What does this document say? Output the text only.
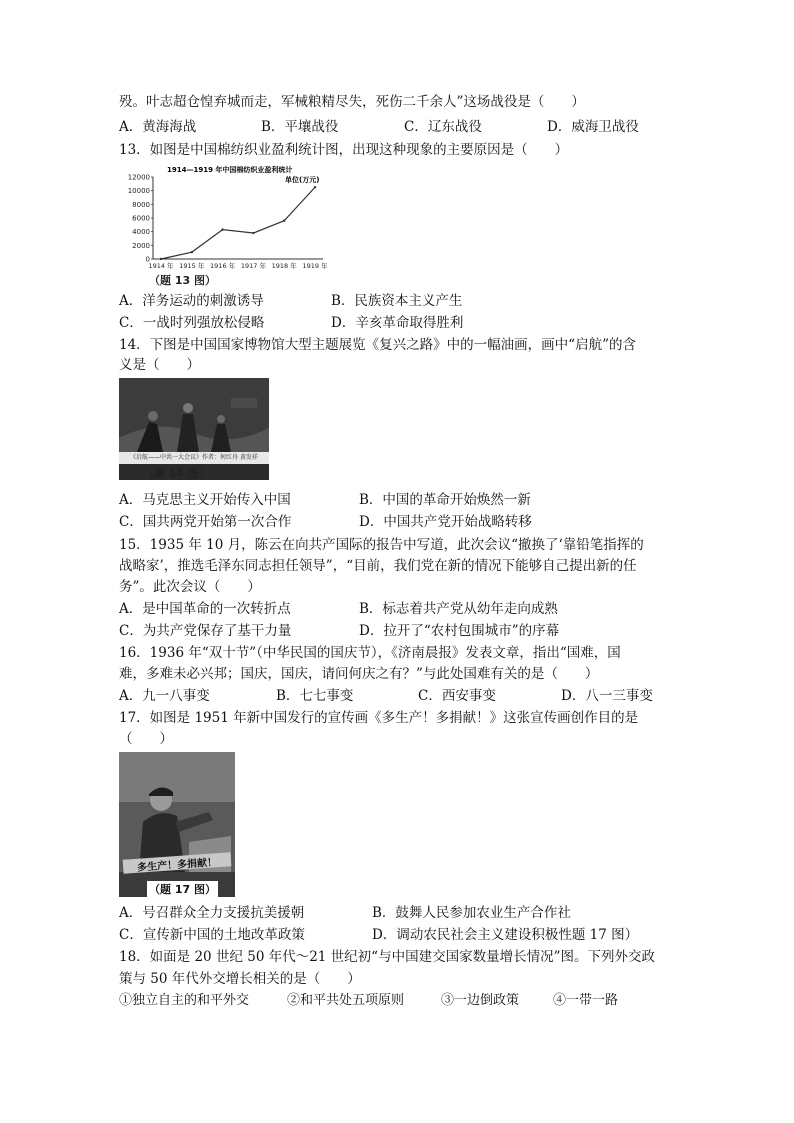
殁。叶志超仓惶弃城而走，军械粮精尽失，死伤二千余人”这场战役是（　　）
A．黄海海战	B．平壤战役	C．辽东战役	D．威海卫战役
13．如图是中国棉纺织业盈利统计图，出现这种现象的主要原因是（　　）
1914—1919 年中国棉纺织业盈利统计
单位(万元)
12000
10000
8000
6000
4000
2000
0
1914 年 1915 年 1916 年 1917 年 1918 年 1919 年
（题 13 图）
A．洋务运动的刺激诱导	B．民族资本主义产生
C．一战时列强放松侵略	D．辛亥革命取得胜利
14．下图是中国国家博物馆大型主题展览《复兴之路》中的一幅油画，画中“启航”的含
义是（　　）
《启航——中共一大会议》作者：何红舟 黄发祥
（题 14 图）
A．马克思主义开始传入中国	B．中国的革命开始焕然一新
C．国共两党开始第一次合作	D．中国共产党开始战略转移
15．1935 年 10 月，陈云在向共产国际的报告中写道，此次会议“撤换了‘靠铅笔指挥的
战略家’，推选毛泽东同志担任领导”，“目前，我们党在新的情况下能够自己提出新的任
务”。此次会议（　　）
A．是中国革命的一次转折点	B．标志着共产党从幼年走向成熟
C．为共产党保存了基干力量	D．拉开了“农村包围城市”的序幕
16．1936 年“双十节”（中华民国的国庆节），《济南晨报》发表文章，指出“国难，国
难，多难未必兴邦；国庆，国庆，请问何庆之有？”与此处国难有关的是（　　）
A．九一八事变	B．七七事变	C．西安事变	D．八一三事变
17．如图是 1951 年新中国发行的宣传画《多生产！多捐献！》这张宣传画创作目的是
（　　）
多生产！多捐献！
（题 17 图）
A．号召群众全力支援抗美援朝	B．鼓舞人民参加农业生产合作社
C．宣传新中国的土地改革政策	D．调动农民社会主义建设积极性题 17 图）
18．如面是 20 世纪 50 年代～21 世纪初“与中国建交国家数量增长情况”图。下列外交政
策与 50 年代外交增长相关的是（　　）
①独立自主的和平外交	②和平共处五项原则	③一边倒政策	④一带一路
